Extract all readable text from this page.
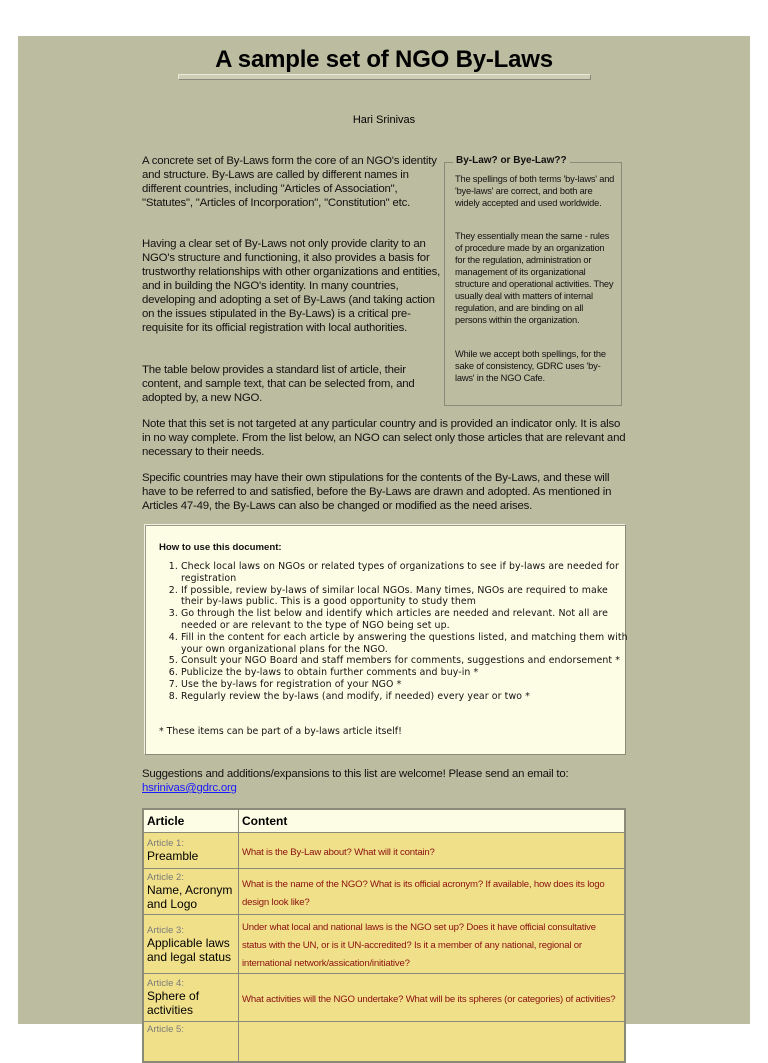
A sample set of NGO By-Laws
Hari Srinivas

A concrete set of By-Laws form the core of an NGO's identity and structure. By-Laws are called by different names in different countries, including "Articles of Association", "Statutes", "Articles of Incorporation", "Constitution" etc.

Having a clear set of By-Laws not only provide clarity to an NGO's structure and functioning, it also provides a basis for trustworthy relationships with other organizations and entities, and in building the NGO's identity. In many countries, developing and adopting a set of By-Laws (and taking action on the issues stipulated in the By-Laws) is a critical pre-requisite for its official registration with local authorities.

The table below provides a standard list of article, their content, and sample text, that can be selected from, and adopted by, a new NGO.

Note that this set is not targeted at any particular country and is provided an indicator only. It is also in no way complete. From the list below, an NGO can select only those articles that are relevant and necessary to their needs.

Specific countries may have their own stipulations for the contents of the By-Laws, and these will have to be referred to and satisfied, before the By-Laws are drawn and adopted. As mentioned in Articles 47-49, the By-Laws can also be changed or modified as the need arises.

By-Law? or Bye-Law??

The spellings of both terms 'by-laws' and 'bye-laws' are correct, and both are widely accepted and used worldwide.

They essentially mean the same - rules of procedure made by an organization for the regulation, administration or management of its organizational structure and operational activities. They usually deal with matters of internal regulation, and are binding on all persons within the organization.

While we accept both spellings, for the sake of consistency, GDRC uses 'by-laws' in the NGO Cafe.

How to use this document:
1. Check local laws on NGOs or related types of organizations to see if by-laws are needed for registration
2. If possible, review by-laws of similar local NGOs. Many times, NGOs are required to make their by-laws public. This is a good opportunity to study them
3. Go through the list below and identify which articles are needed and relevant. Not all are needed or are relevant to the type of NGO being set up.
4. Fill in the content for each article by answering the questions listed, and matching them with your own organizational plans for the NGO.
5. Consult your NGO Board and staff members for comments, suggestions and endorsement *
6. Publicize the by-laws to obtain further comments and buy-in *
7. Use the by-laws for registration of your NGO *
8. Regularly review the by-laws (and modify, if needed) every year or two *
* These items can be part of a by-laws article itself!
Suggestions and additions/expansions to this list are welcome! Please send an email to:
hsrinivas@gdrc.org
Article	Content

Article 1:
Preamble	What is the By-Law about? What will it contain?

Article 2:
Name, Acronym and Logo	What is the name of the NGO? What is its official acronym? If available, how does its logo design look like?

Article 3:
Applicable laws and legal status	Under what local and national laws is the NGO set up? Does it have official consultative status with the UN, or is it UN-accredited? Is it a member of any national, regional or international network/assication/initiative?

Article 4:
Sphere of activities	What activities will the NGO undertake? What will be its spheres (or categories) of activities?

Article 5:	
